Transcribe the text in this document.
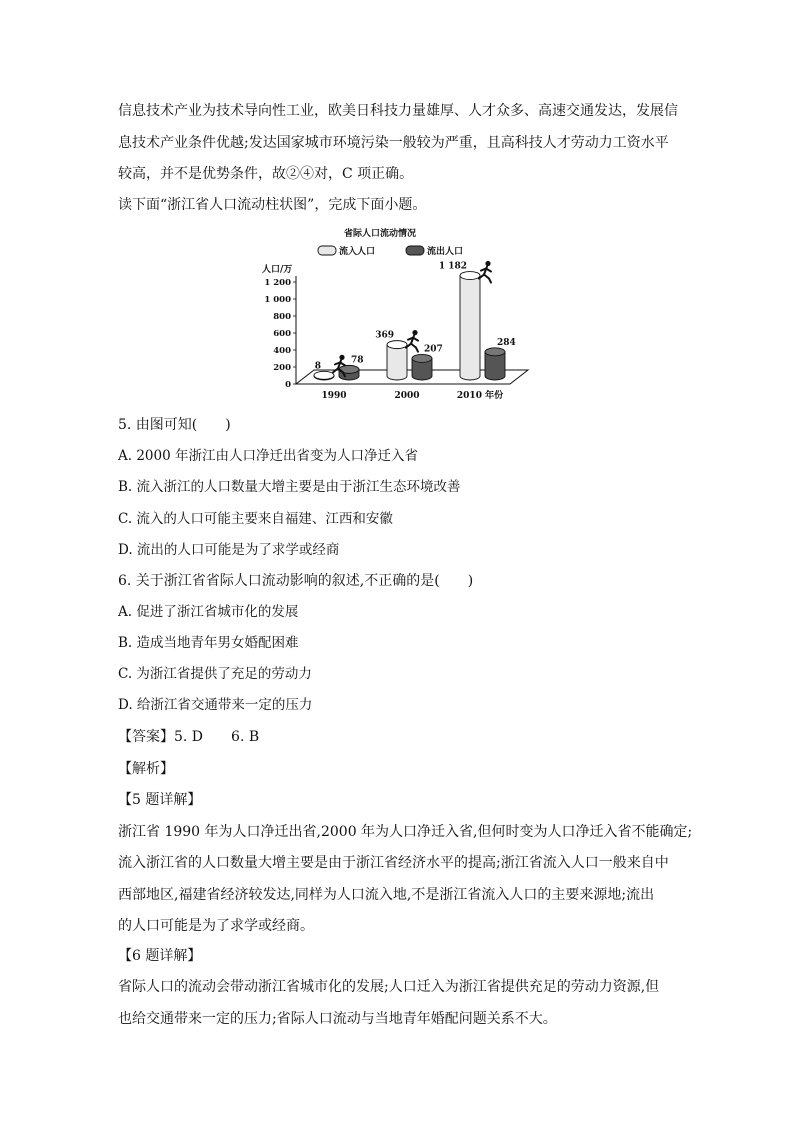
信息技术产业为技术导向性工业，欧美日科技力量雄厚、人才众多、高速交通发达，发展信
息技术产业条件优越;发达国家城市环境污染一般较为严重，且高科技人才劳动力工资水平
较高，并不是优势条件，故②④对，C 项正确。
读下面“浙江省人口流动柱状图”，完成下面小题。
人口/万
0
200
400
600
800
1 000
1 200
1990	2000	2010 年份
8
78
369
207
1 182
284
省际人口流动情况
流入人口	流出人口
5. 由图可知(　　)
A. 2000 年浙江由人口净迁出省变为人口净迁入省
B. 流入浙江的人口数量大增主要是由于浙江生态环境改善
C. 流入的人口可能主要来自福建、江西和安徽
D. 流出的人口可能是为了求学或经商
6. 关于浙江省省际人口流动影响的叙述,不正确的是(　　)
A. 促进了浙江省城市化的发展
B. 造成当地青年男女婚配困难
C. 为浙江省提供了充足的劳动力
D. 给浙江省交通带来一定的压力
【答案】5. D　　6. B
【解析】
【5 题详解】
浙江省 1990 年为人口净迁出省,2000 年为人口净迁入省,但何时变为人口净迁入省不能确定;
流入浙江省的人口数量大增主要是由于浙江省经济水平的提高;浙江省流入人口一般来自中
西部地区,福建省经济较发达,同样为人口流入地,不是浙江省流入人口的主要来源地;流出
的人口可能是为了求学或经商。
【6 题详解】
省际人口的流动会带动浙江省城市化的发展;人口迁入为浙江省提供充足的劳动力资源,但
也给交通带来一定的压力;省际人口流动与当地青年婚配问题关系不大。
